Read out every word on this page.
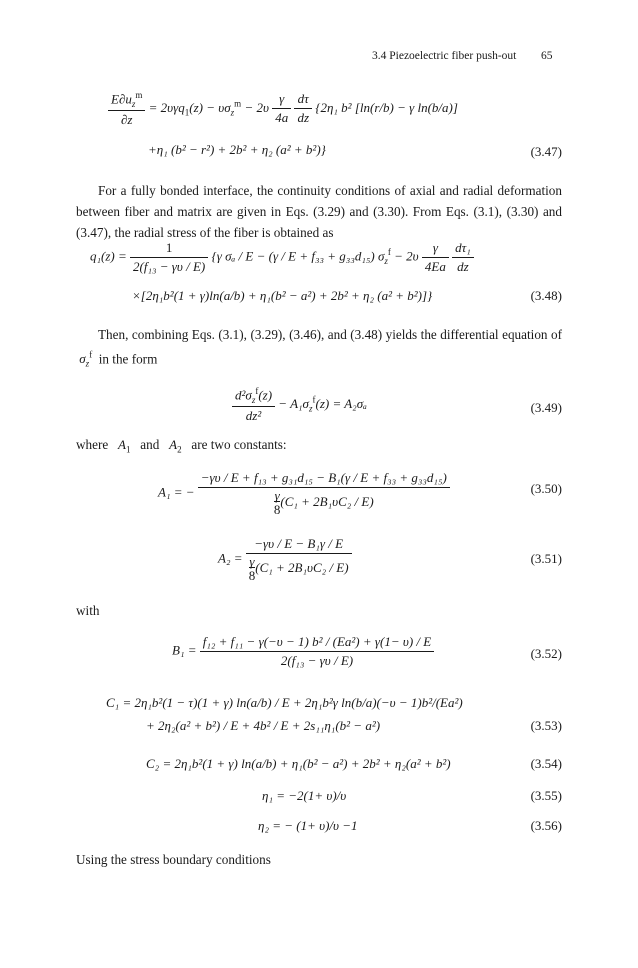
3.4 Piezoelectric fiber push-out 65
$\frac{E\partial u_z^m}{\partial z} = 2\upsilon\gamma q_1(z) - \upsilon\sigma_z^m - 2\upsilon \frac{\gamma}{4a}$
$\frac{d\tau}{dz} \{2\eta_1$ b² [ln(r/b) − γ ln(b/a)]
+η₁ (b² − r²) + 2b² + η₂ (a² + b²)}	(3.47)
For a fully bonded interface, the continuity conditions of axial and radial deformation between fiber and matrix are given in Eqs. (3.29) and (3.30). From Eqs. (3.1), (3.30) and (3.47), the radial stress of the fiber is obtained as
$q_1(z) = \frac{1}{\text{2(f₁₃ − γυ / E)}} \{\gamma$ σₐ / E − (γ / E + f₃₃ + g₃₃d₁₅) $\sigma_z^f - 2\upsilon \frac{\gamma}{4Ea}$
$\frac{\text{dτ₁}}{dz}$
×[2η₁b²(1 + γ)ln(a/b) + η₁(b² − a²) + 2b² + η₂ (a² + b²)]}	(3.48)
Then, combining Eqs. (3.1), (3.29), (3.46), and (3.48) yields the differential equation of  $\sigma_z^f$ in the form
$\frac{d^2\sigma_z^f(z)}{\text{dz²}} - A_1\sigma_z^f(z) = A_2\sigma_a$	(3.49)
where   $A_1$ and   $A_2$ are two constants:
A₁ = −
−γυ / E + f₁₃ + g₃₁d₁₅ − B₁(γ / E + f₃₃ + g₃₃d₁₅)
γ
8(C₁ + 2B₁υC₂ / E)
(3.50)
A₂ =
−γυ / E − B₁γ / E
γ
8(C₁ + 2B₁υC₂ / E)
(3.51)
with
$B_1 = \frac{\text{f₁₂ + f₁₁ − γ(−υ − 1) b² / (Ea²) + γ(1− υ) / E}}{\text{2(f₁₃ − γυ / E)}}$	(3.52)
C₁ = 2η₁b²(1 − τ)(1 + γ) ln(a/b) / E + 2η₁b²γ ln(b/a)(−υ − 1)b²/(Ea²)
+ 2η₂(a² + b²) / E + 4b² / E + 2s₁₁η₁(b² − a²)	(3.53)
C₂ = 2η₁b²(1 + γ) ln(a/b) + η₁(b² − a²) + 2b² + η₂(a² + b²)	(3.54)
η₁ = −2(1+ υ)/υ	(3.55)
η₂ = − (1+ υ)/υ −1	(3.56)
Using the stress boundary conditions
